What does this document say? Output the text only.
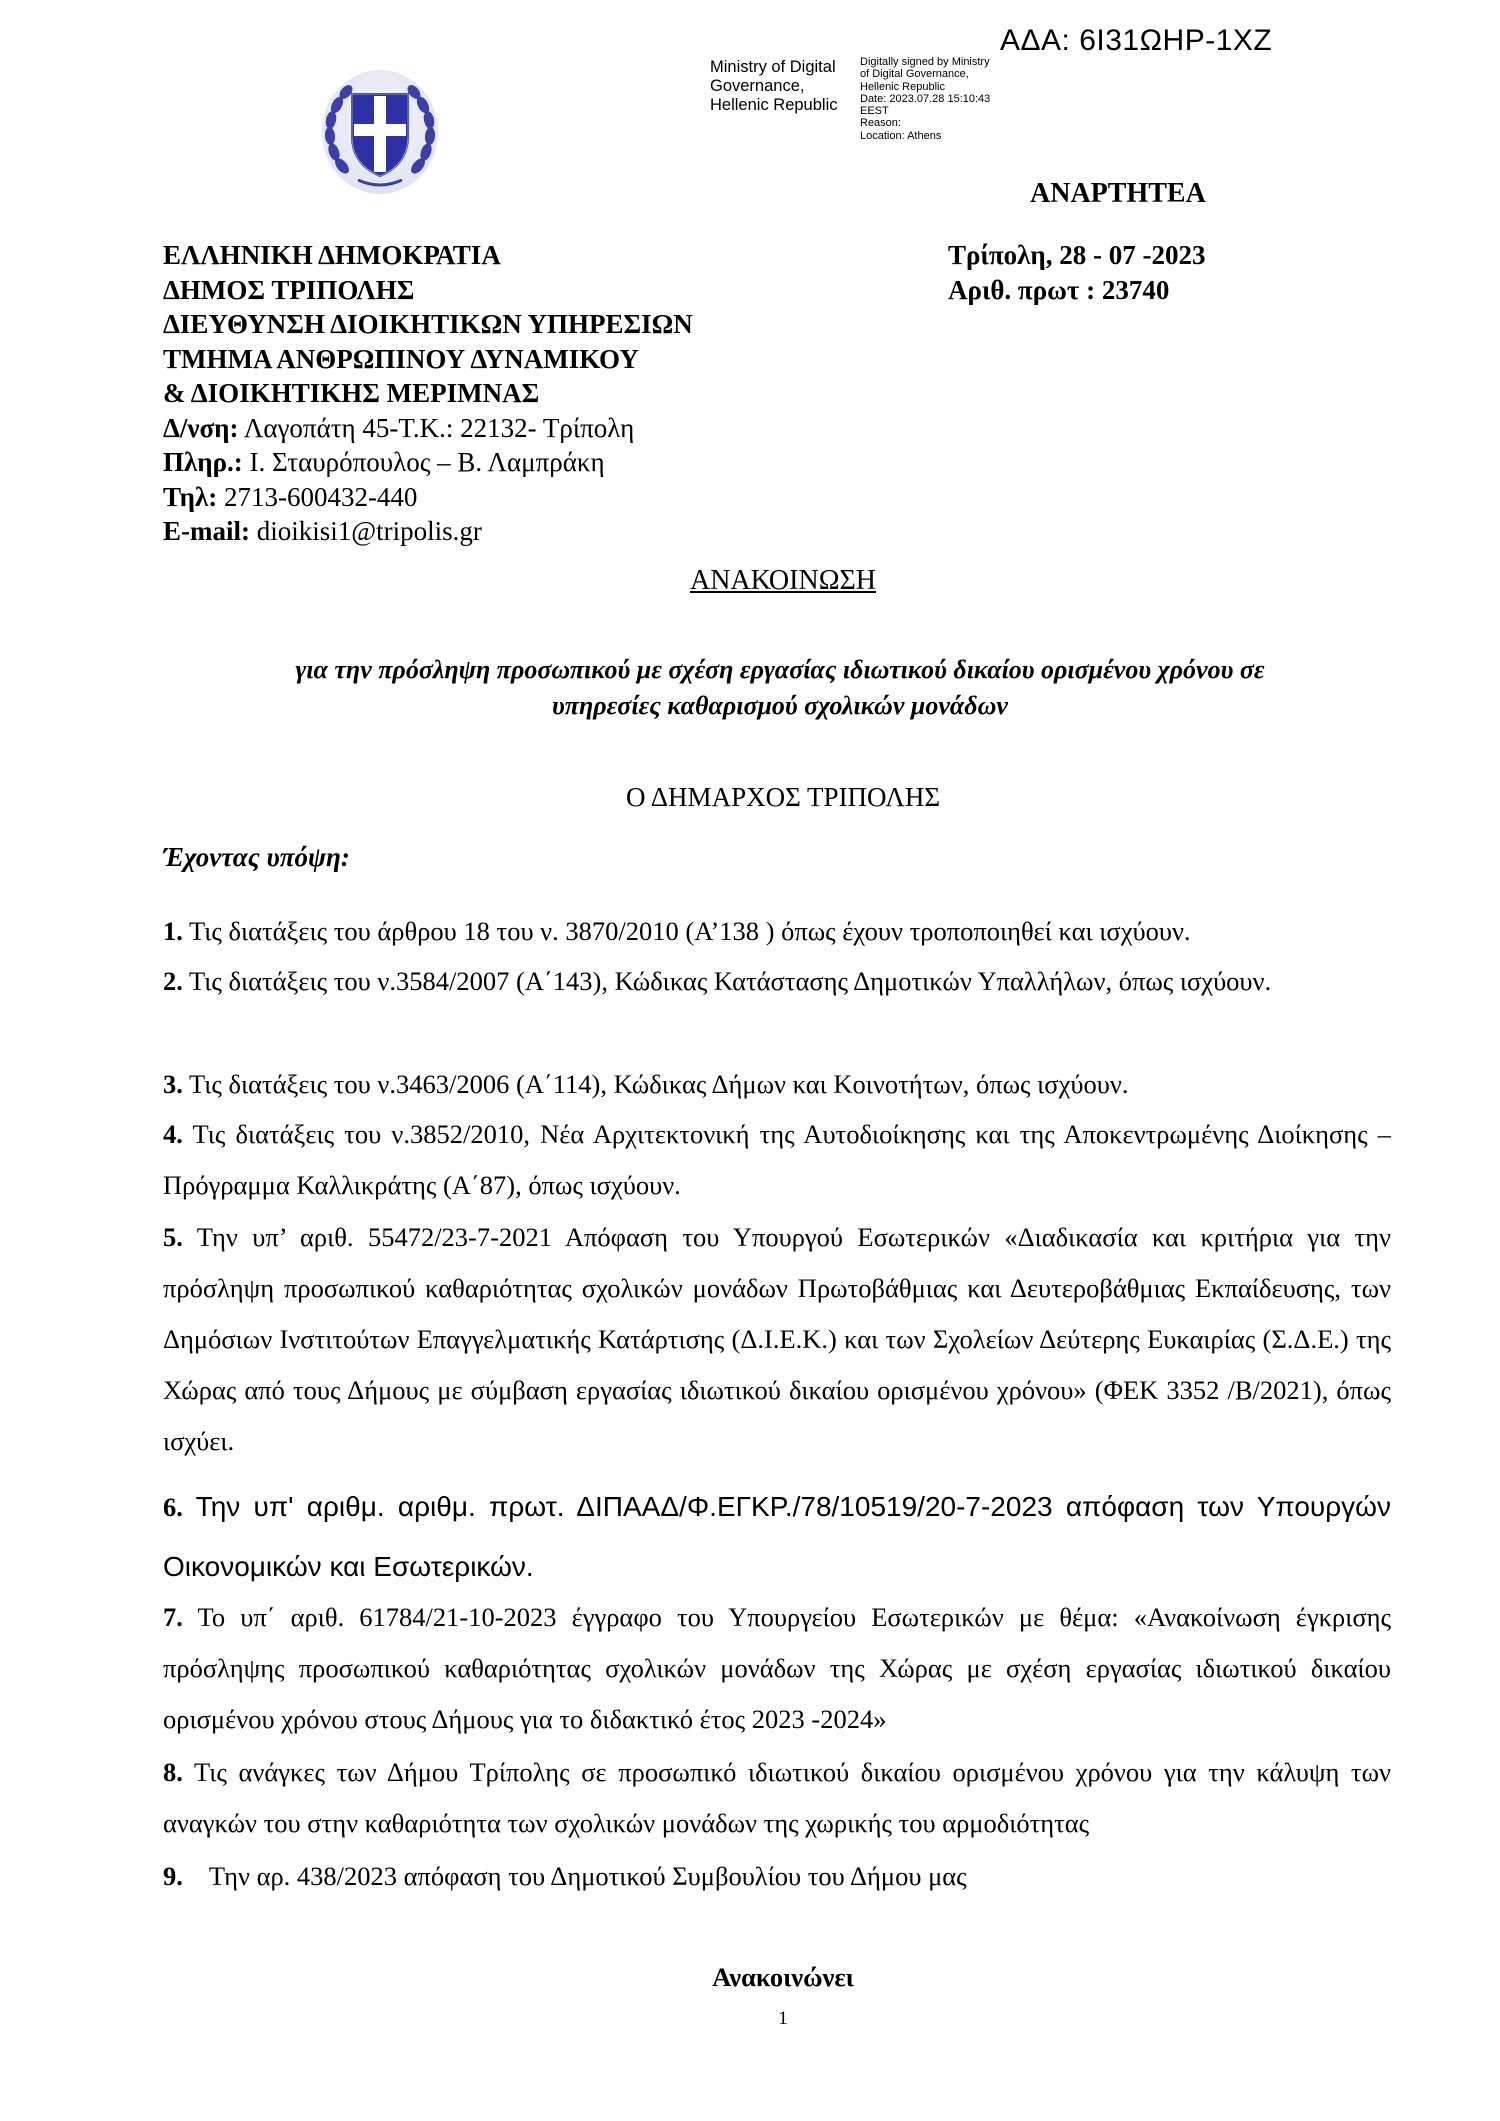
ΑΔΑ: 6Ι31ΩΗΡ-1ΧΖ
Ministry of Digital
Governance,
Hellenic Republic
Digitally signed by Ministry
of Digital Governance,
Hellenic Republic
Date: 2023.07.28 15:10:43
EEST
Reason:
Location: Athens
ΑΝΑΡΤΗΤΕΑ
ΕΛΛΗΝΙΚΗ ΔΗΜΟΚΡΑΤΙΑ
ΔΗΜΟΣ ΤΡΙΠΟΛΗΣ
ΔΙΕΥΘΥΝΣΗ ΔΙΟΙΚΗΤΙΚΩΝ ΥΠΗΡΕΣΙΩΝ
ΤΜΗΜΑ ΑΝΘΡΩΠΙΝΟΥ ΔΥΝΑΜΙΚΟΥ
& ΔΙΟΙΚΗΤΙΚΗΣ ΜΕΡΙΜΝΑΣ
Δ/νση: Λαγοπάτη 45-Τ.Κ.: 22132- Τρίπολη
Πληρ.: Ι. Σταυρόπουλος – Β. Λαμπράκη
Τηλ: 2713-600432-440
E-mail: dioikisi1@tripolis.gr
Τρίπολη, 28 - 07 -2023
Αριθ. πρωτ : 23740
ΑΝΑΚΟΙΝΩΣΗ
για την πρόσληψη προσωπικού με σχέση εργασίας ιδιωτικού δικαίου ορισμένου χρόνου σε
υπηρεσίες καθαρισμού σχολικών μονάδων
Ο ΔΗΜΑΡΧΟΣ ΤΡΙΠΟΛΗΣ
Έχοντας υπόψη:
1. Τις διατάξεις του άρθρου 18 του ν. 3870/2010 (Α’138 ) όπως έχουν τροποποιηθεί και ισχύουν.
2. Τις διατάξεις του ν.3584/2007 (Α΄143), Κώδικας Κατάστασης Δημοτικών Υπαλλήλων, όπως ισχύουν.
3. Τις διατάξεις του ν.3463/2006 (Α΄114), Κώδικας Δήμων και Κοινοτήτων, όπως ισχύουν.
4. Τις διατάξεις του ν.3852/2010, Νέα Αρχιτεκτονική της Αυτοδιοίκησης και της Αποκεντρωμένης Διοίκησης – Πρόγραμμα Καλλικράτης (Α΄87), όπως ισχύουν.
5. Την υπ’ αριθ. 55472/23-7-2021 Απόφαση του Υπουργού Εσωτερικών «Διαδικασία και κριτήρια για την πρόσληψη προσωπικού καθαριότητας σχολικών μονάδων Πρωτοβάθμιας και Δευτεροβάθμιας Εκπαίδευσης, των Δημόσιων Ινστιτούτων Επαγγελματικής Κατάρτισης (Δ.Ι.Ε.Κ.) και των Σχολείων Δεύτερης Ευκαιρίας (Σ.Δ.Ε.) της Χώρας από τους Δήμους με σύμβαση εργασίας ιδιωτικού δικαίου ορισμένου χρόνου» (ΦΕΚ 3352 /Β/2021), όπως ισχύει.
6. Την υπ' αριθμ. αριθμ. πρωτ. ΔΙΠΑΑΔ/Φ.ΕΓΚΡ./78/10519/20-7-2023 απόφαση των Υπουργών Οικονομικών και Εσωτερικών.
7. Το υπ΄ αριθ. 61784/21-10-2023 έγγραφο του Υπουργείου Εσωτερικών με θέμα: «Ανακοίνωση έγκρισης πρόσληψης προσωπικού καθαριότητας σχολικών μονάδων της Χώρας με σχέση εργασίας ιδιωτικού δικαίου ορισμένου χρόνου στους Δήμους για το διδακτικό έτος 2023 -2024»
8. Τις ανάγκες των Δήμου Τρίπολης σε προσωπικό ιδιωτικού δικαίου ορισμένου χρόνου για την κάλυψη των αναγκών του στην καθαριότητα των σχολικών μονάδων της χωρικής του αρμοδιότητας
9.    Την αρ. 438/2023 απόφαση του Δημοτικού Συμβουλίου του Δήμου μας
Ανακοινώνει
1
